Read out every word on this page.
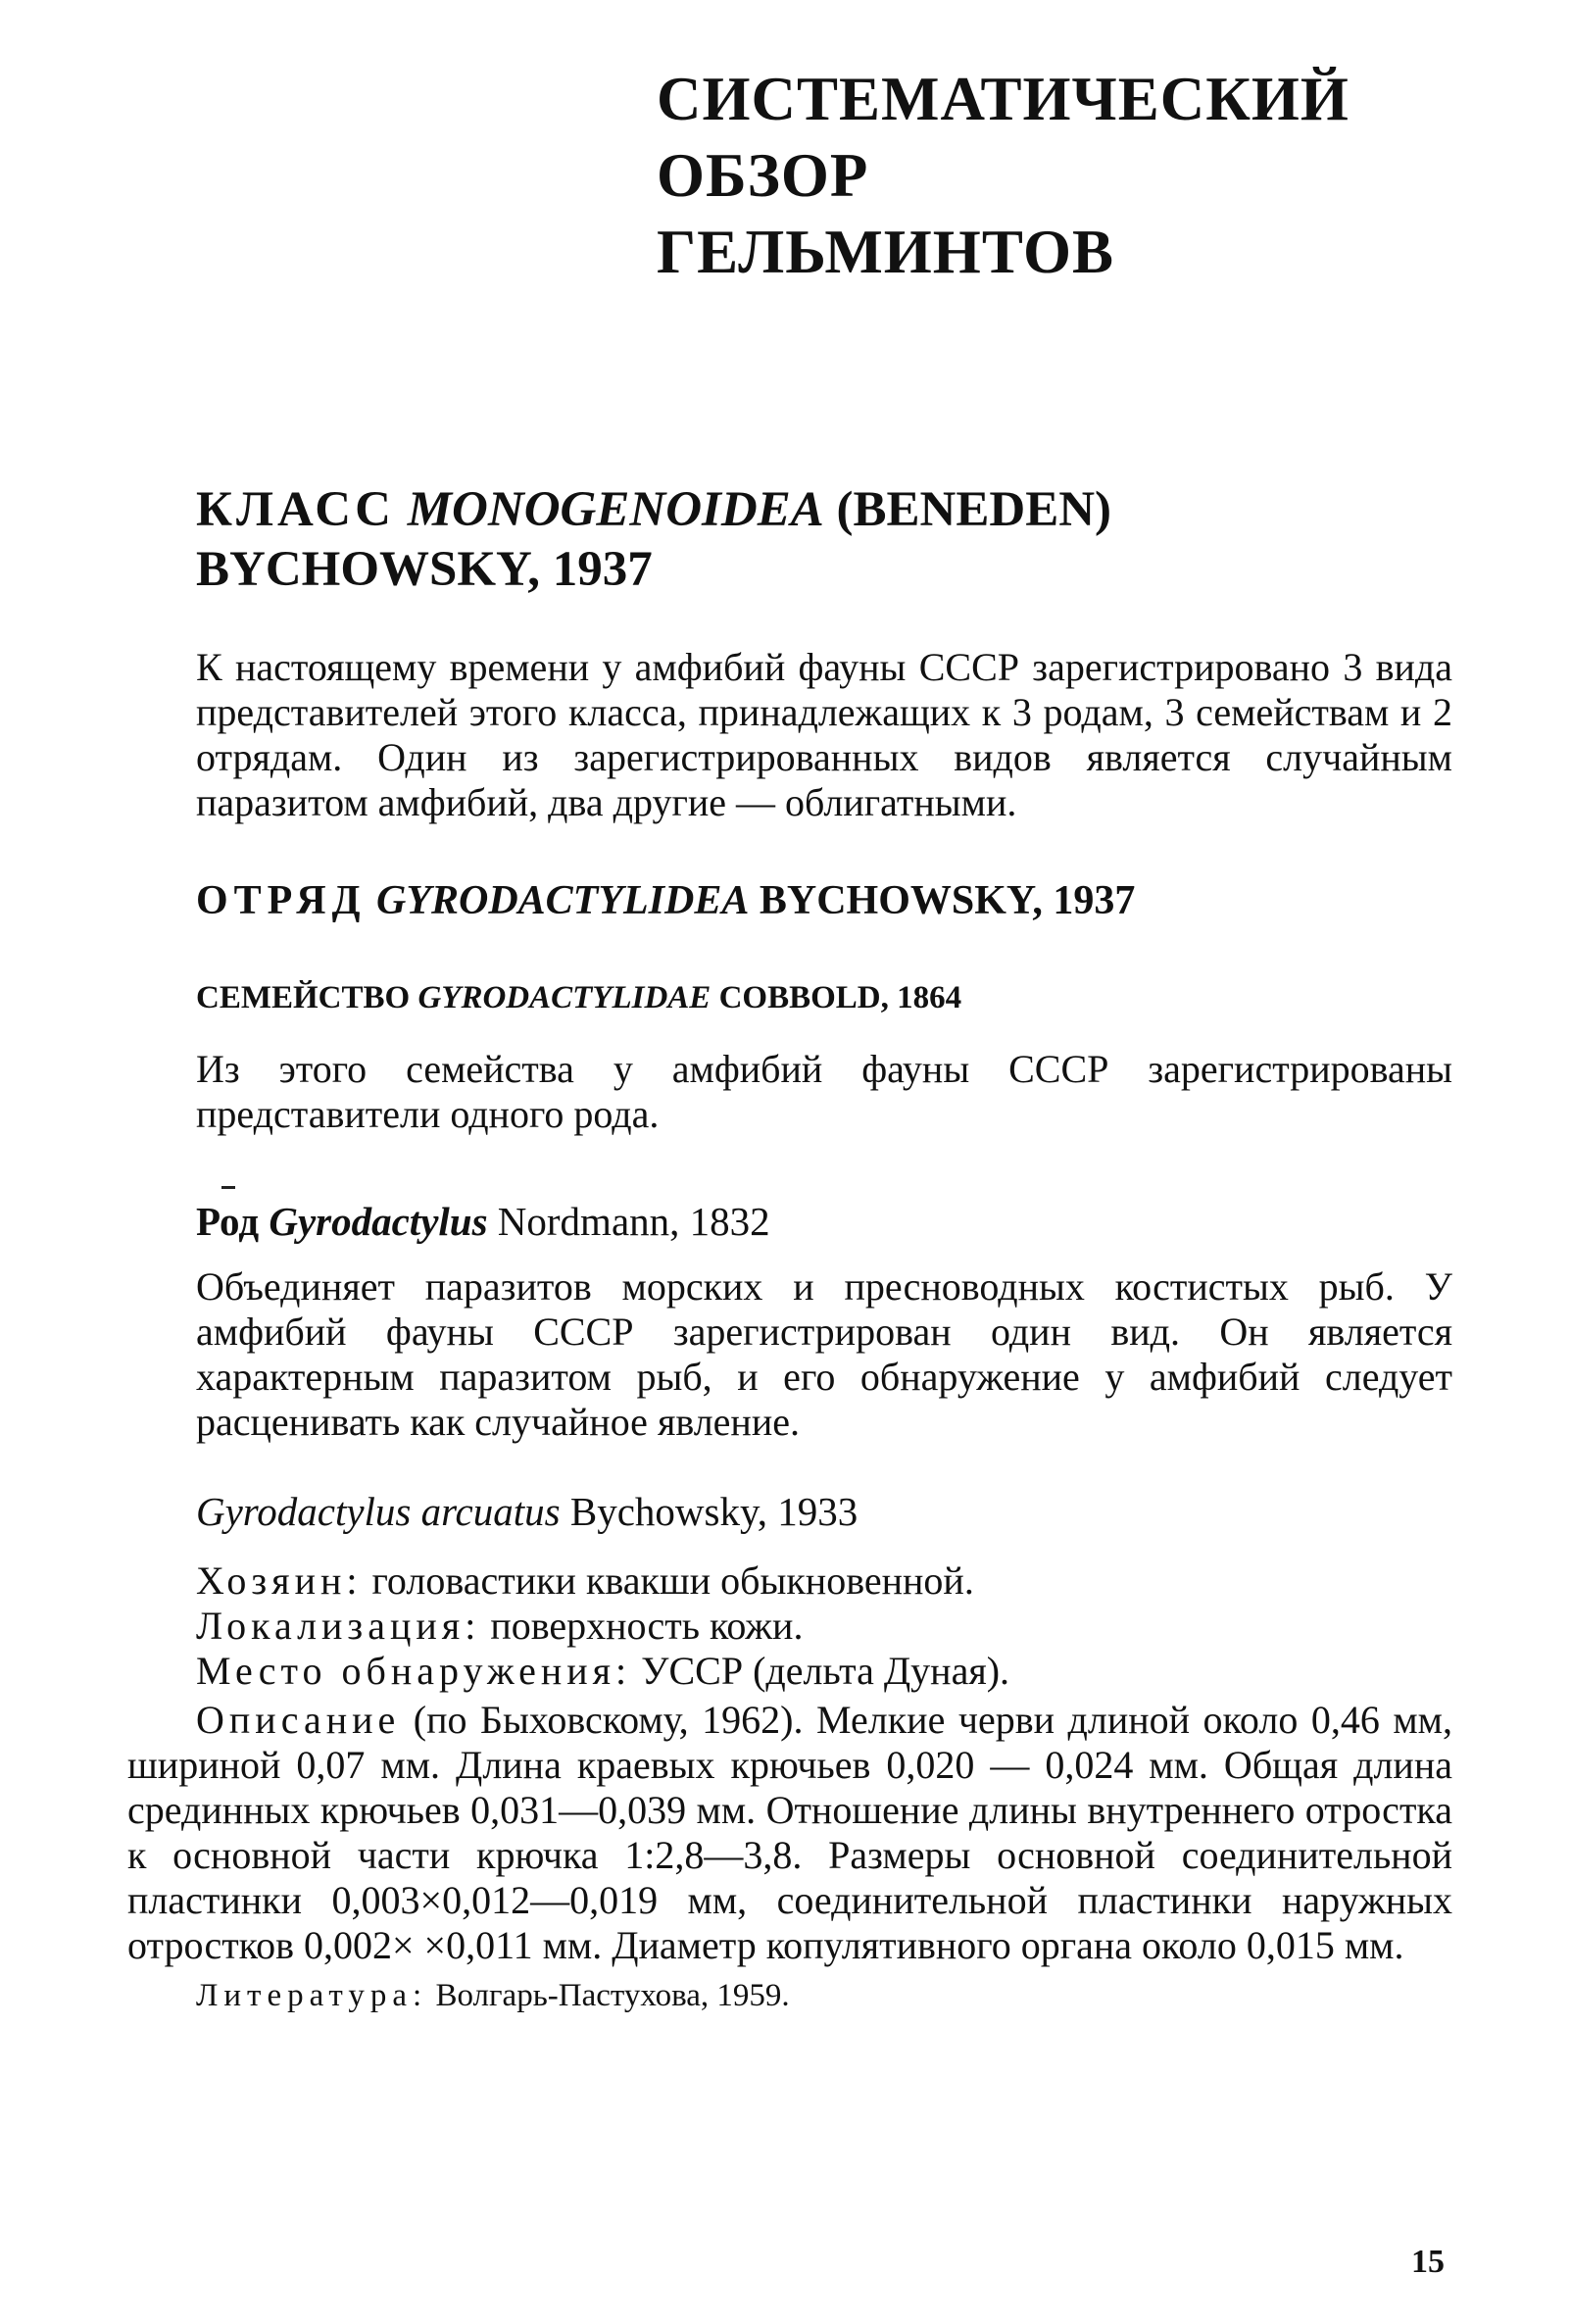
СИСТЕМАТИЧЕСКИЙ
ОБЗОР
ГЕЛЬМИНТОВ
КЛАСС MONOGENOIDEA (BENEDEN)
BYCHOWSKY, 1937

К настоящему времени у амфибий фауны СССР зарегистрировано 3 вида представителей этого класса, принадлежащих к 3 родам, 3 семействам и 2 отрядам. Один из зарегистрированных видов является случайным паразитом амфибий, два другие — облигатными.

ОТРЯД GYRODACTYLIDEA BYCHOWSKY, 1937
СЕМЕЙСТВО GYRODACTYLIDAE COBBOLD, 1864

Из этого семейства у амфибий фауны СССР зарегистрированы представители одного рода.

Род Gyrodactylus Nordmann, 1832

Объединяет паразитов морских и пресноводных костистых рыб. У амфибий фауны СССР зарегистрирован один вид. Он является характерным паразитом рыб, и его обнаружение у амфибий следует расценивать как случайное явление.

Gyrodactylus arcuatus Bychowsky, 1933
Хозяин: головастики квакши обыкновенной.
Локализация: поверхность кожи.
Место обнаружения: УССР (дельта Дуная).

Описание (по Быховскому, 1962). Мелкие черви длиной около 0,46 мм, шириной 0,07 мм. Длина краевых крючьев 0,020 — 0,024 мм. Общая длина срединных крючьев 0,031—0,039 мм. Отношение длины внутреннего отростка к основной части крючка 1:2,8—3,8. Размеры основной соединительной пластинки 0,003×0,012—0,019 мм, соединительной пластинки наружных отростков 0,002× ×0,011 мм. Диаметр копулятивного органа около 0,015 мм.

Литература: Волгарь-Пастухова, 1959.
15
